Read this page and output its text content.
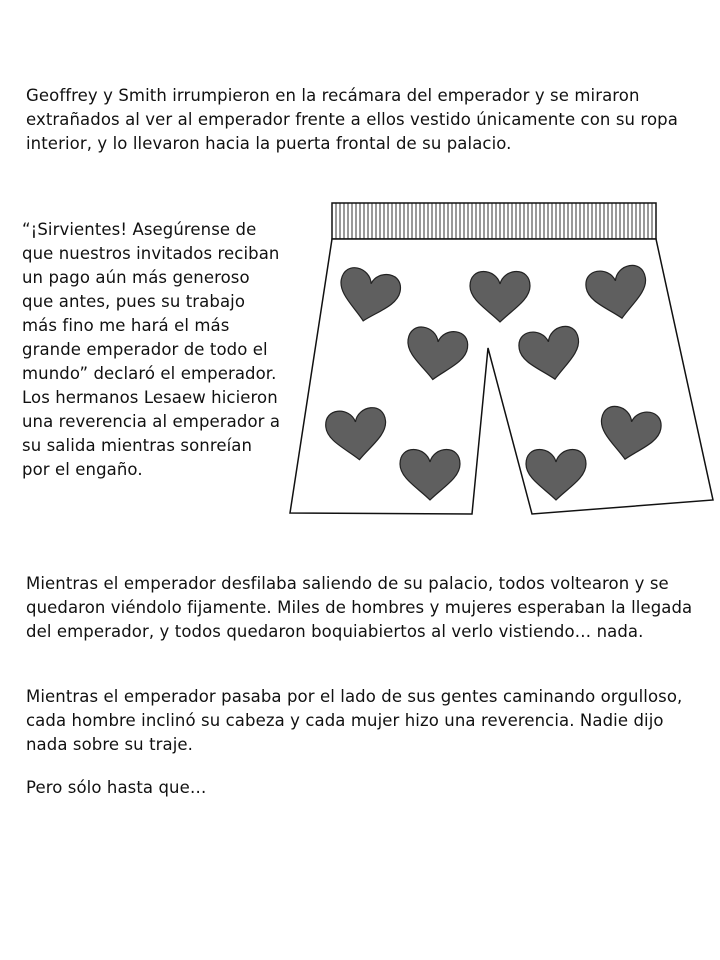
Geoffrey y Smith irrumpieron en la recámara del emperador y se miraron extrañados al ver al emperador frente a ellos vestido únicamente con su ropa interior, y lo llevaron hacia la puerta frontal de su palacio.

“¡Sirvientes! Asegúrense de que nuestros invitados reciban un pago aún más generoso que antes, pues su trabajo más fino me hará el más grande emperador de todo el mundo” declaró el emperador. Los hermanos Lesaew hicieron una reverencia al emperador a su salida mientras sonreían por el engaño.

Mientras el emperador desfilaba saliendo de su palacio, todos voltearon y se quedaron viéndolo fijamente. Miles de hombres y mujeres esperaban la llegada del emperador, y todos quedaron boquiabiertos al verlo vistiendo… nada.

Mientras el emperador pasaba por el lado de sus gentes caminando orgulloso, cada hombre inclinó su cabeza y cada mujer hizo una reverencia. Nadie dijo nada sobre su traje.

Pero sólo hasta que…
